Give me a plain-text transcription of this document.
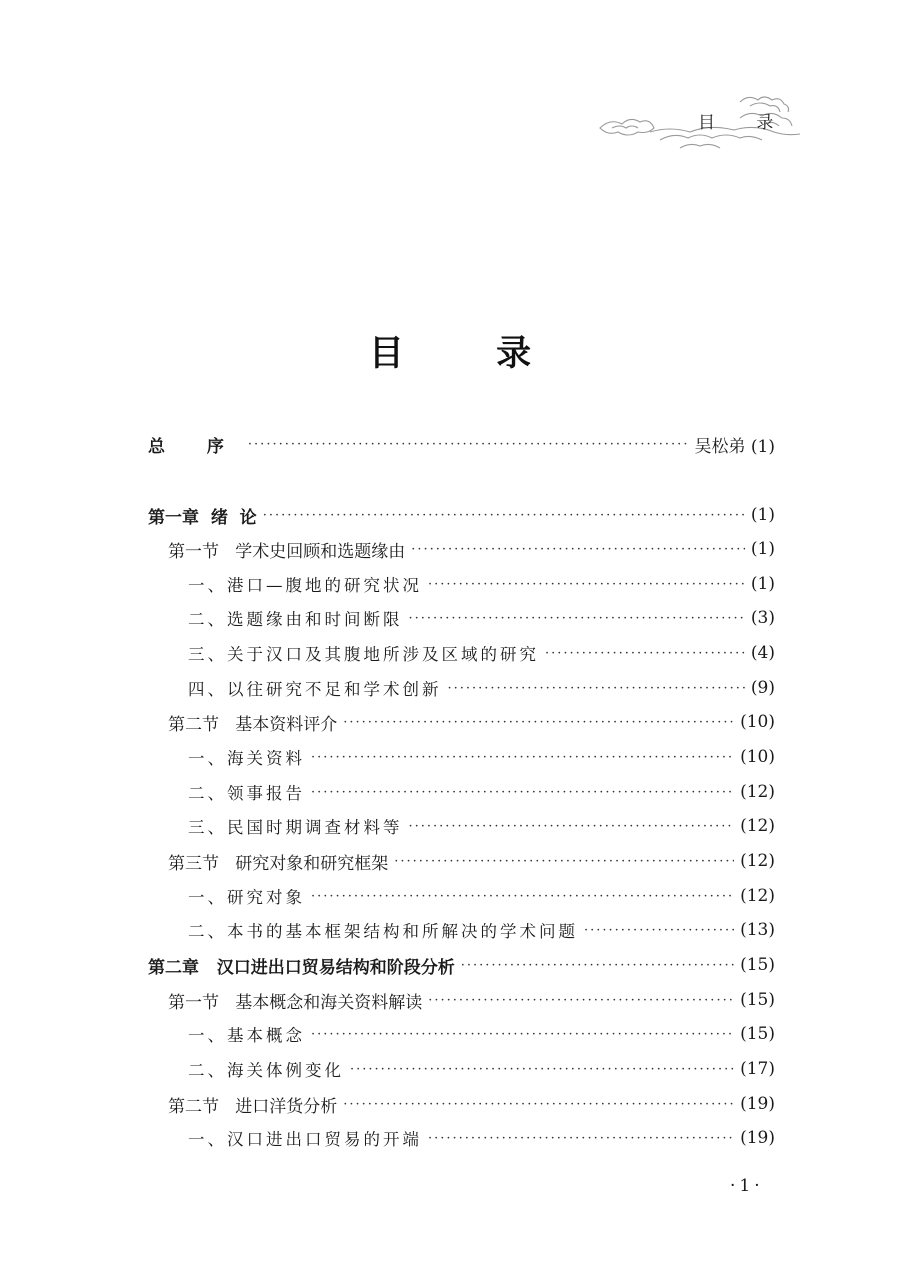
目 录
目 录
总 序 ·····	吴松弟 (1)
第一章  绪  论 ·····	(1)
第一节   学术史回顾和选题缘由 ·····	(1)
一、港口—腹地的研究状况 ·····	(1)
二、选题缘由和时间断限 ·····	(3)
三、关于汉口及其腹地所涉及区域的研究 ·····	(4)
四、以往研究不足和学术创新 ·····	(9)
第二节   基本资料评介 ·····	(10)
一、海关资料 ·····	(10)
二、领事报告 ·····	(12)
三、民国时期调查材料等 ·····	(12)
第三节   研究对象和研究框架 ·····	(12)
一、研究对象 ·····	(12)
二、本书的基本框架结构和所解决的学术问题 ·····	(13)
第二章   汉口进出口贸易结构和阶段分析 ·····	(15)
第一节   基本概念和海关资料解读 ·····	(15)
一、基本概念 ·····	(15)
二、海关体例变化 ·····	(17)
第二节   进口洋货分析 ·····	(19)
一、汉口进出口贸易的开端 ·····	(19)
·1·
